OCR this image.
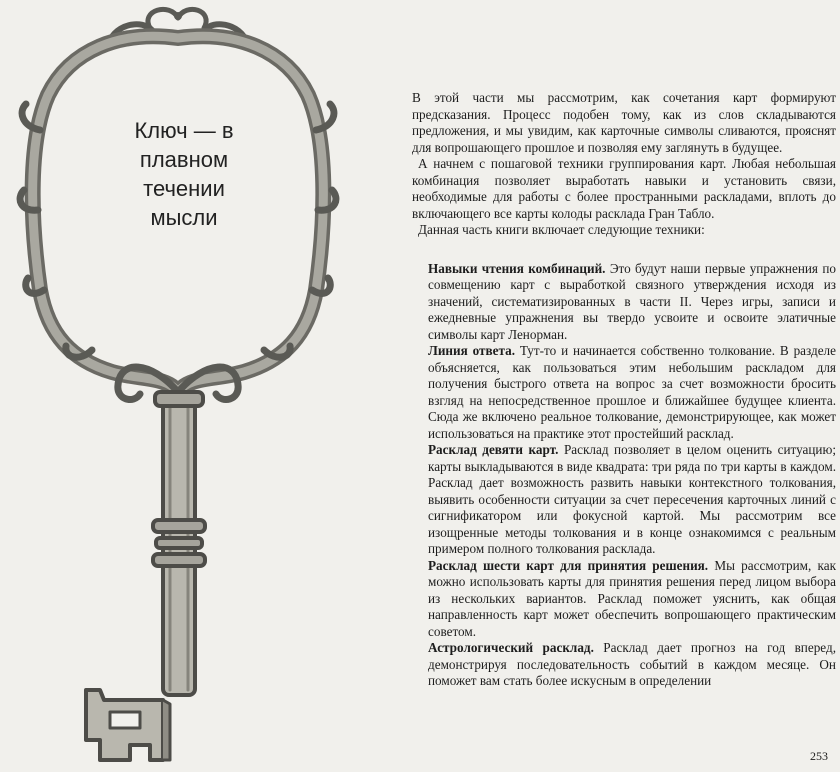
Ключ — в плавном течении мысли

В этой части мы рассмотрим, как сочетания карт формируют предсказания. Процесс подобен тому, как из слов складываются предложения, и мы увидим, как карточные символы сливаются, прояснят для вопрошающего прошлое и позволяя ему заглянуть в будущее.

А начнем с пошаговой техники группирования карт. Любая небольшая комбинация позволяет выработать навыки и установить связи, необходимые для работы с более пространными раскладами, вплоть до включающего все карты колоды расклада Гран Табло.

Данная часть книги включает следующие техники:

Навыки чтения комбинаций. Это будут наши первые упражнения по совмещению карт с выработкой связного утверждения исходя из значений, систематизированных в части II. Через игры, записи и ежедневные упражнения вы твердо усвоите и освоите элатичные символы карт Ленорман.

Линия ответа. Тут-то и начинается собственно толкование. В разделе объясняется, как пользоваться этим небольшим раскладом для получения быстрого ответа на вопрос за счет возможности бросить взгляд на непосредственное прошлое и ближайшее будущее клиента. Сюда же включено реальное толкование, демонстрирующее, как может использоваться на практике этот простейший расклад.

Расклад девяти карт. Расклад позволяет в целом оценить ситуацию; карты выкладываются в виде квадрата: три ряда по три карты в каждом. Расклад дает возможность развить навыки контекстного толкования, выявить особенности ситуации за счет пересечения карточных линий с сигнификатором или фокусной картой. Мы рассмотрим все изощренные методы толкования и в конце ознакомимся с реальным примером полного толкования расклада.

Расклад шести карт для принятия решения. Мы рассмотрим, как можно использовать карты для принятия решения перед лицом выбора из нескольких вариантов. Расклад поможет уяснить, как общая направленность карт может обеспечить вопрошающего практическим советом.

Астрологический расклад. Расклад дает прогноз на год вперед, демонстрируя последовательность событий в каждом месяце. Он поможет вам стать более искусным в определении

253
